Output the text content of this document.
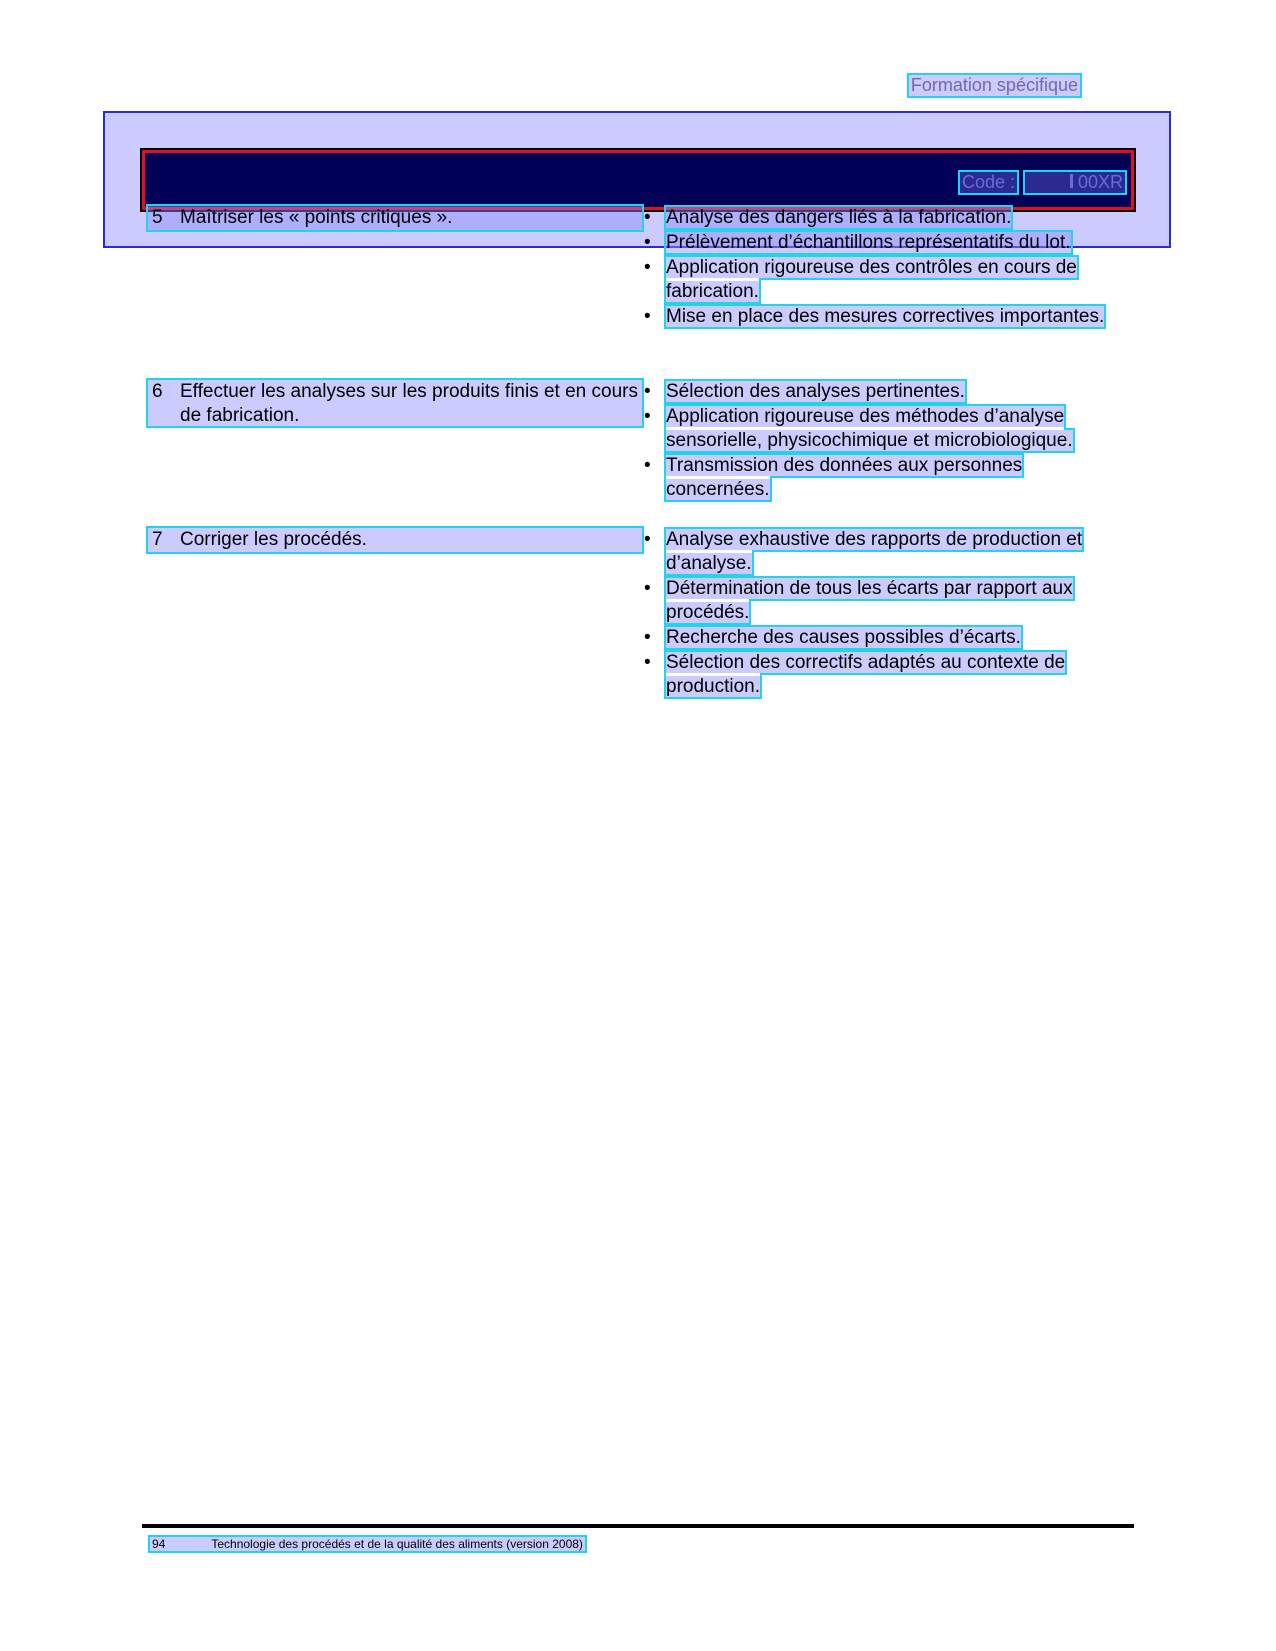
Formation spécifique
Code :	00XR
5 Maîtriser les « points critiques ».	• Analyse des dangers liés à la fabrication.
• Prélèvement d’échantillons représentatifs du lot.
• Application rigoureuse des contrôles en cours de fabrication.
• Mise en place des mesures correctives importantes.
6 Effectuer les analyses sur les produits finis et en cours de fabrication.
• Sélection des analyses pertinentes.
• Application rigoureuse des méthodes d’analyse sensorielle, physicochimique et microbiologique.
• Transmission des données aux personnes concernées.
7 Corriger les procédés.	• Analyse exhaustive des rapports de production et d’analyse.
• Détermination de tous les écarts par rapport aux procédés.
• Recherche des causes possibles d’écarts.
• Sélection des correctifs adaptés au contexte de production.
94	Technologie des procédés et de la qualité des aliments (version 2008)
